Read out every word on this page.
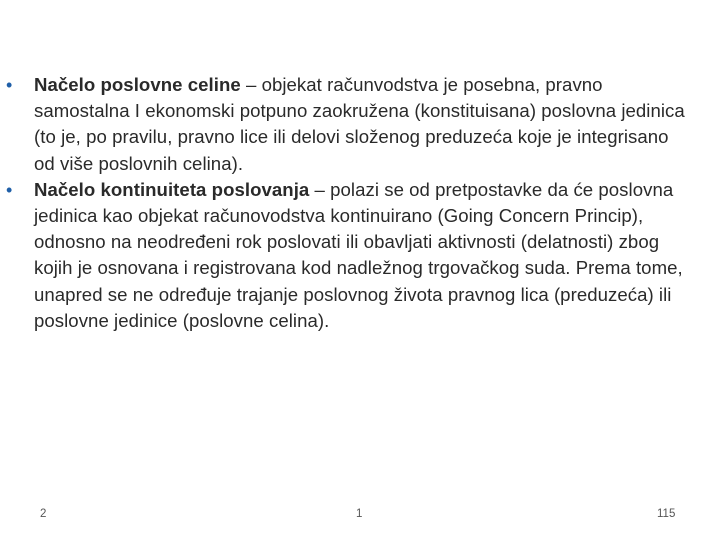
• Načelo poslovne celine – objekat računvodstva je posebna, pravno samostalna I ekonomski potpuno zaokružena (konstituisana) poslovna jedinica (to je, po pravilu, pravno lice ili delovi složenog preduzeća koje je integrisano od više poslovnih celina).
• Načelo kontinuiteta poslovanja – polazi se od pretpostavke da će poslovna jedinica kao objekat računovodstva kontinuirano (Going Concern Princip), odnosno na neodređeni rok poslovati ili obavljati aktivnosti (delatnosti) zbog kojih je osnovana i registrovana kod nadležnog trgovačkog suda. Prema tome, unapred se ne određuje trajanje poslovnog života pravnog lica (preduzeća) ili poslovne jedinice (poslovne celina).
2	1	115
